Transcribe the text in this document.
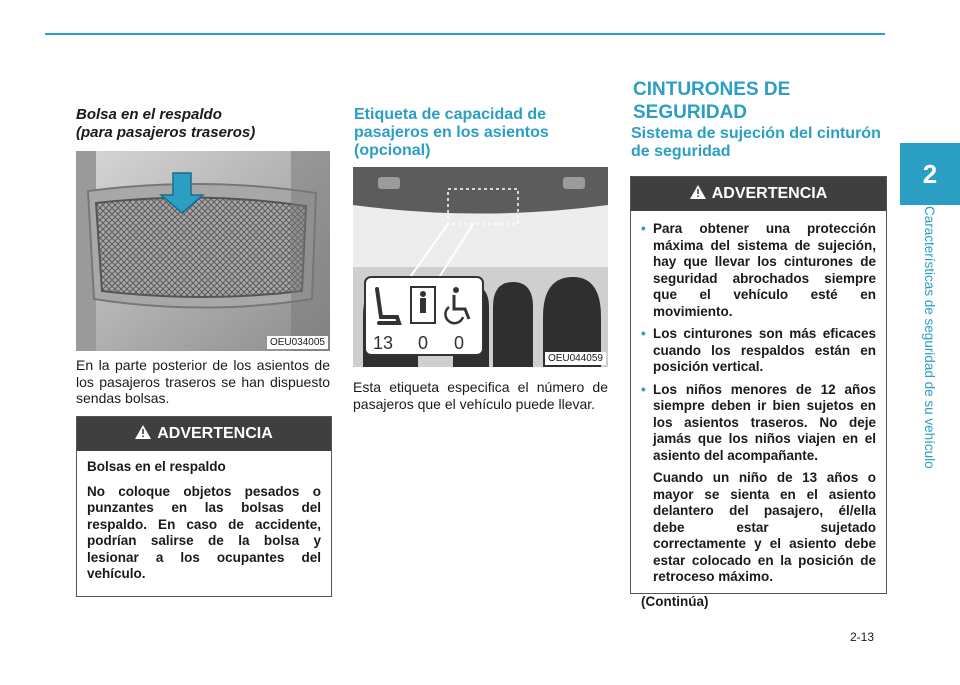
2
Características de seguridad de su vehículo
Bolsa en el respaldo
(para pasajeros traseros)
OEU034005
En la parte posterior de los asientos de los pasajeros traseros se han dispuesto sendas bolsas.
ADVERTENCIA

Bolsas en el respaldo

No coloque objetos pesados o punzantes en las bolsas del respaldo. En caso de accidente, podrían salirse de la bolsa y lesionar a los ocupantes del vehículo.

Etiqueta de capacidad de pasajeros en los asientos (opcional)
13 0 0
OEU044059
Esta etiqueta especifica el número de pasajeros que el vehículo puede llevar.
CINTURONES DE SEGURIDAD
Sistema de sujeción del cinturón de seguridad
ADVERTENCIA
• Para obtener una protección máxima del sistema de sujeción, hay que llevar los cinturones de seguridad abrochados siempre que el vehículo esté en movimiento.
• Los cinturones son más eficaces cuando los respaldos están en posición vertical.
• Los niños menores de 12 años siempre deben ir bien sujetos en los asientos traseros. No deje jamás que los niños viajen en el asiento del acompañante.

Cuando un niño de 13 años o mayor se sienta en el asiento delantero del pasajero, él/ella debe estar sujetado correctamente y el asiento debe estar colocado en la posición de retroceso máximo.

(Continúa)

2-13
